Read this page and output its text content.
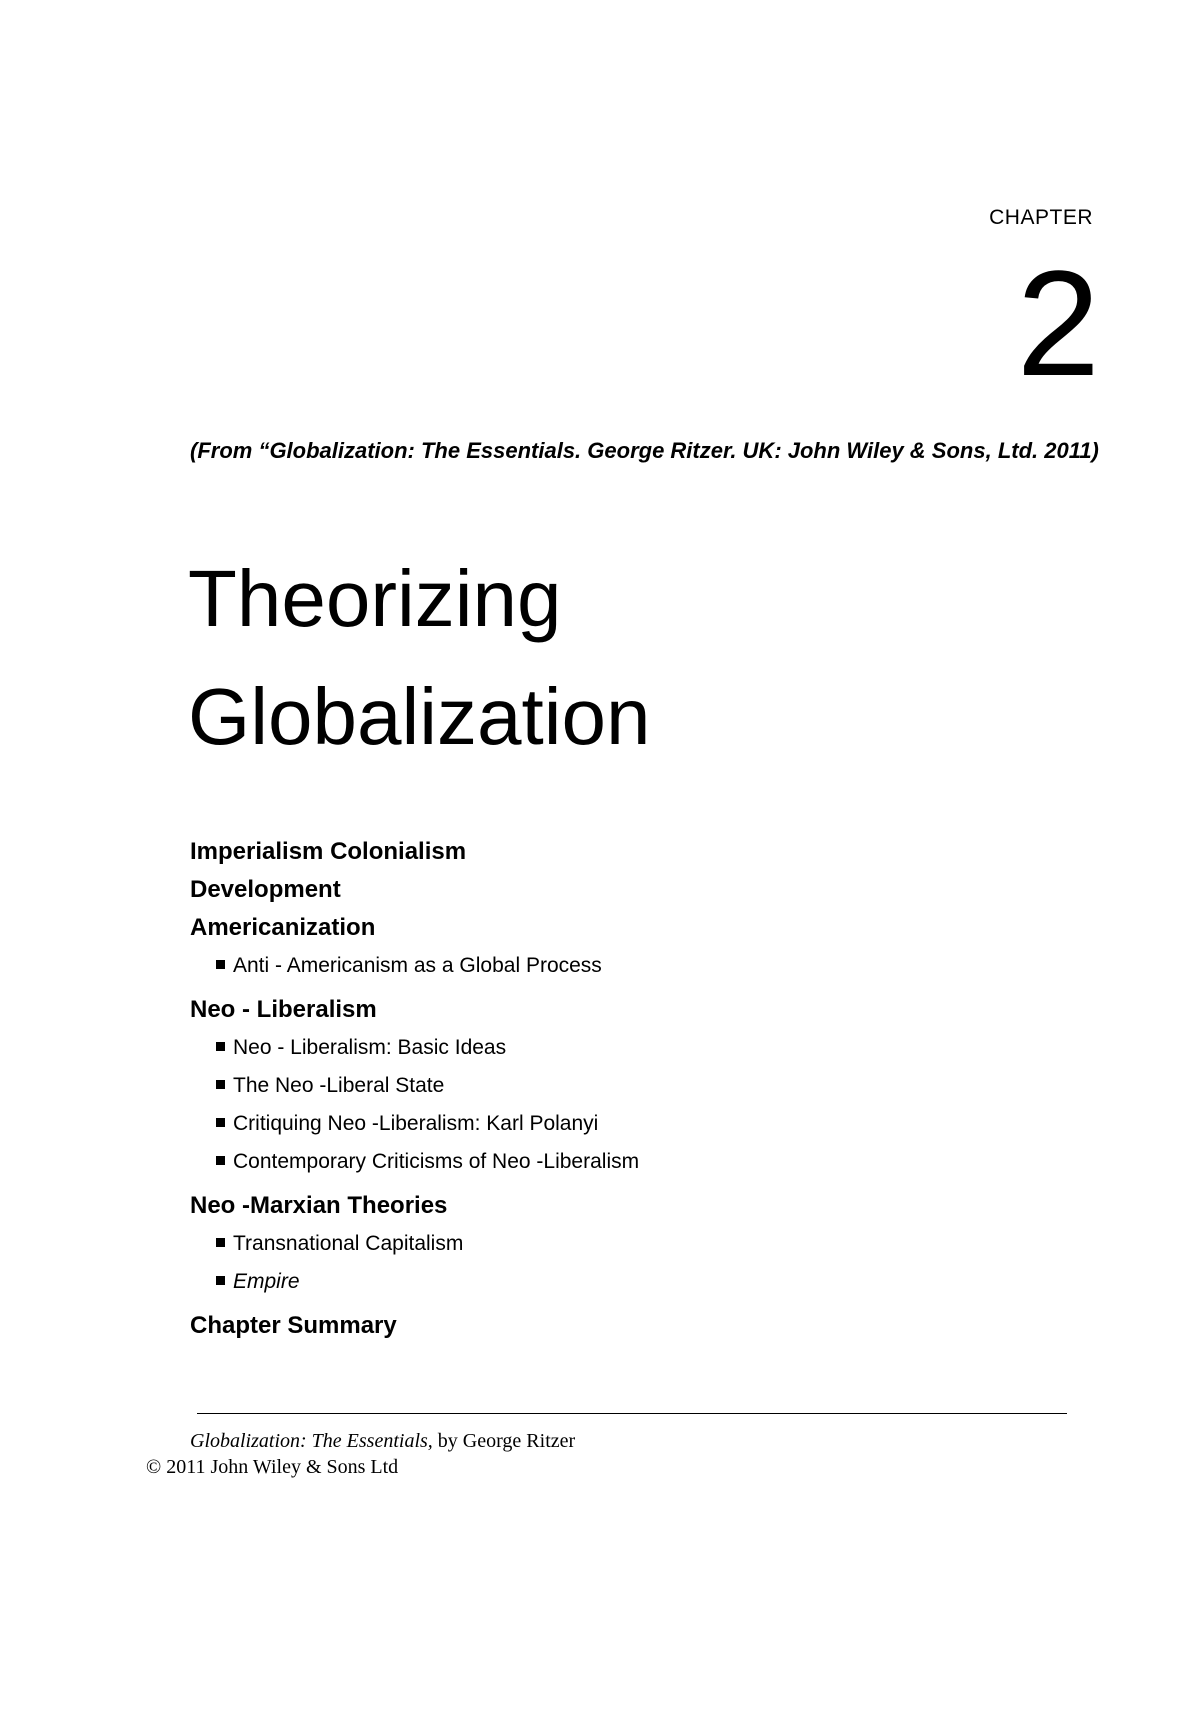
CHAPTER
2
(From “Globalization: The Essentials. George Ritzer. UK: John Wiley & Sons, Ltd. 2011)
Theorizing
Globalization
Imperialism Colonialism
Development
Americanization
Anti - Americanism as a Global Process
Neo - Liberalism
Neo - Liberalism: Basic Ideas
The Neo -Liberal State
Critiquing Neo -Liberalism: Karl Polanyi
Contemporary Criticisms of Neo -Liberalism
Neo -Marxian Theories
Transnational Capitalism
Empire
Chapter Summary
Globalization: The Essentials, by George Ritzer
© 2011 John Wiley & Sons Ltd
